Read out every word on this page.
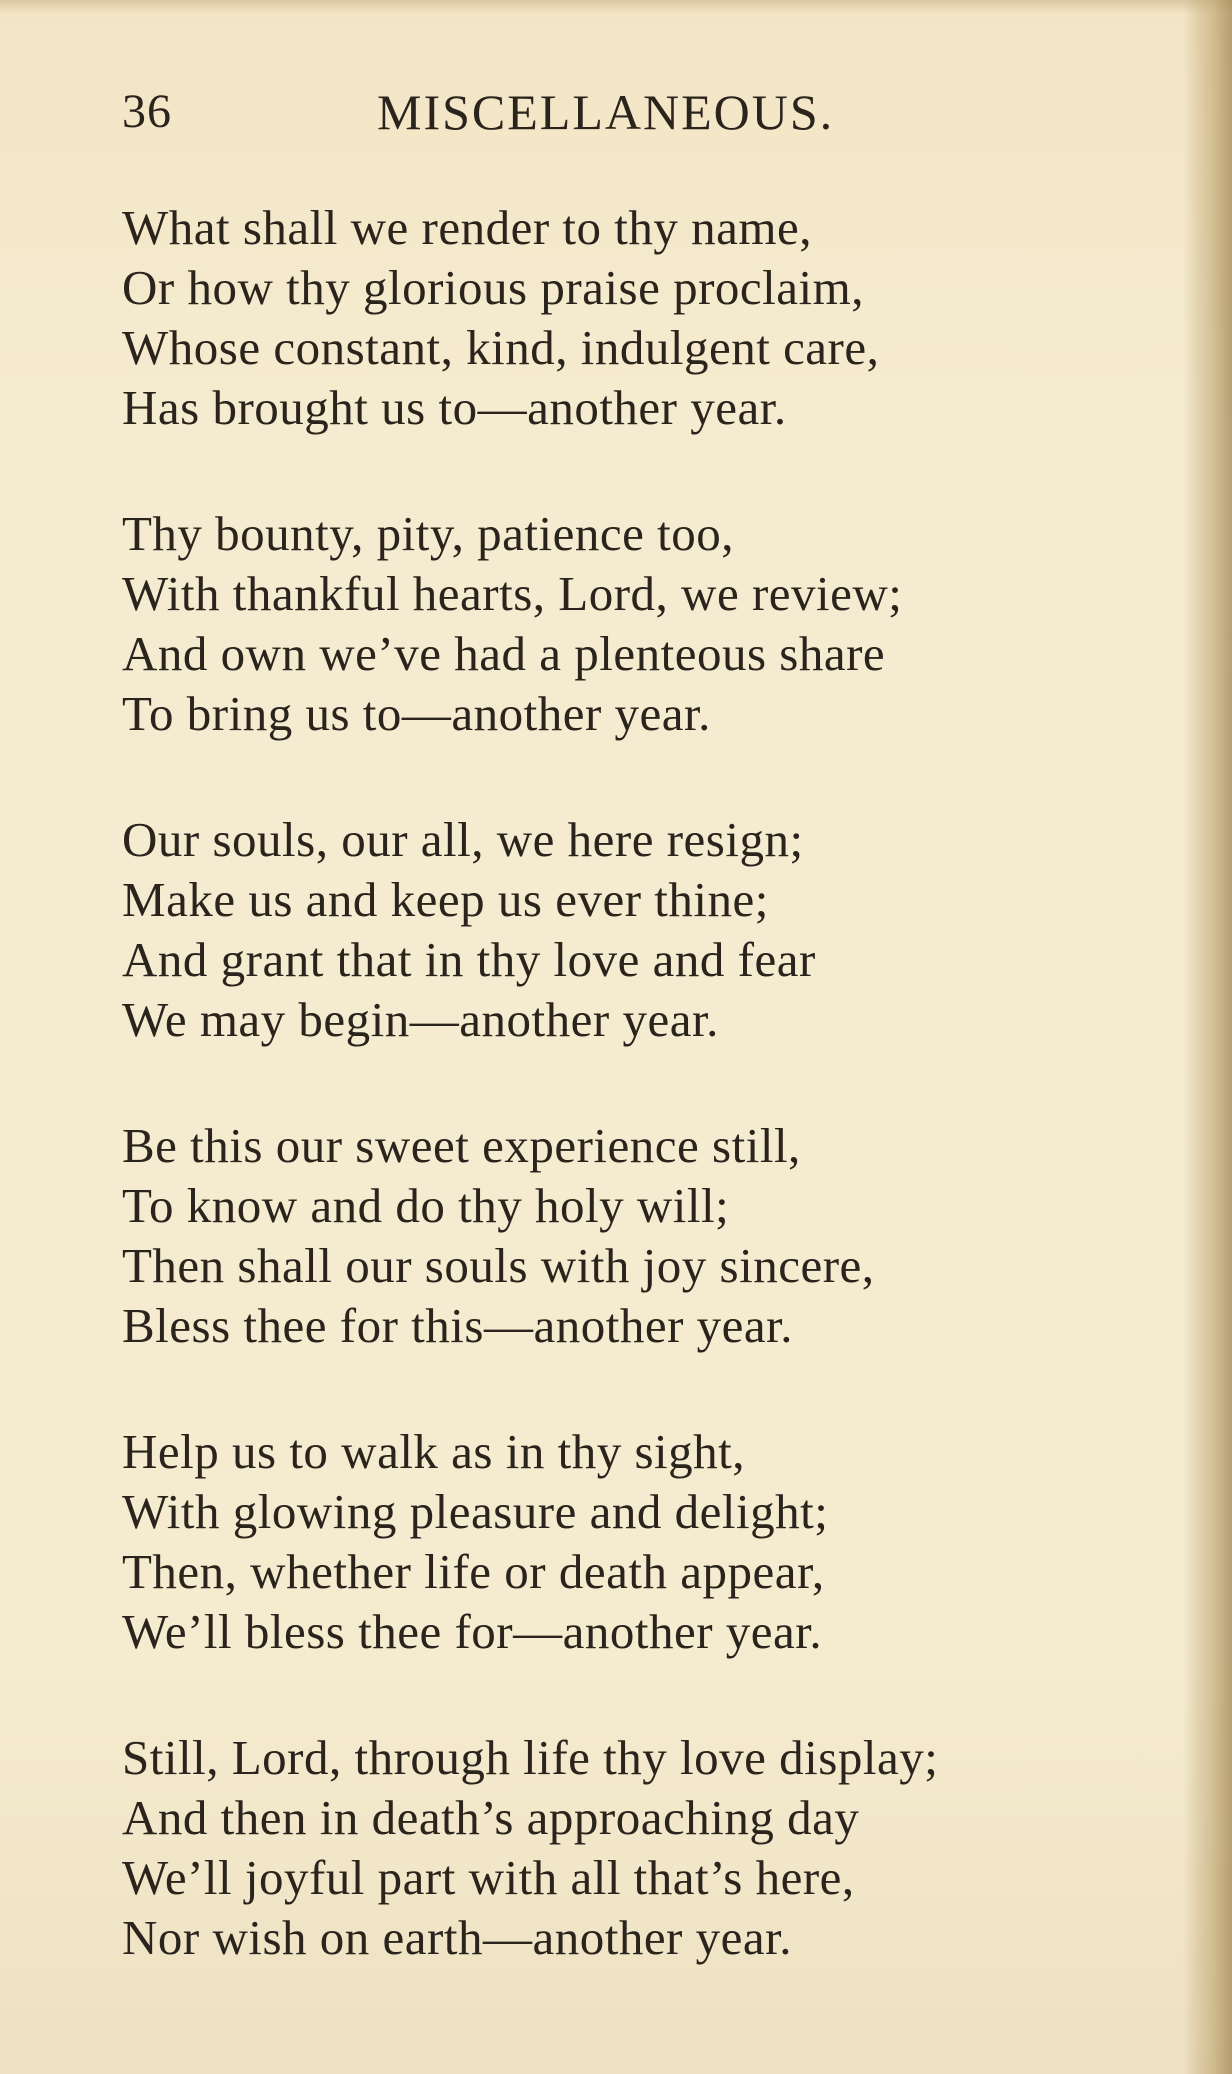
36	MISCELLANEOUS.
What shall we render to thy name,
Or how thy glorious praise proclaim,
Whose constant, kind, indulgent care,
Has brought us to—another year.
Thy bounty, pity, patience too,
With thankful hearts, Lord, we review;
And own we’ve had a plenteous share
To bring us to—another year.
Our souls, our all, we here resign;
Make us and keep us ever thine;
And grant that in thy love and fear
We may begin—another year.
Be this our sweet experience still,
To know and do thy holy will;
Then shall our souls with joy sincere,
Bless thee for this—another year.
Help us to walk as in thy sight,
With glowing pleasure and delight;
Then, whether life or death appear,
We’ll bless thee for—another year.
Still, Lord, through life thy love display;
And then in death’s approaching day
We’ll joyful part with all that’s here,
Nor wish on earth—another year.
